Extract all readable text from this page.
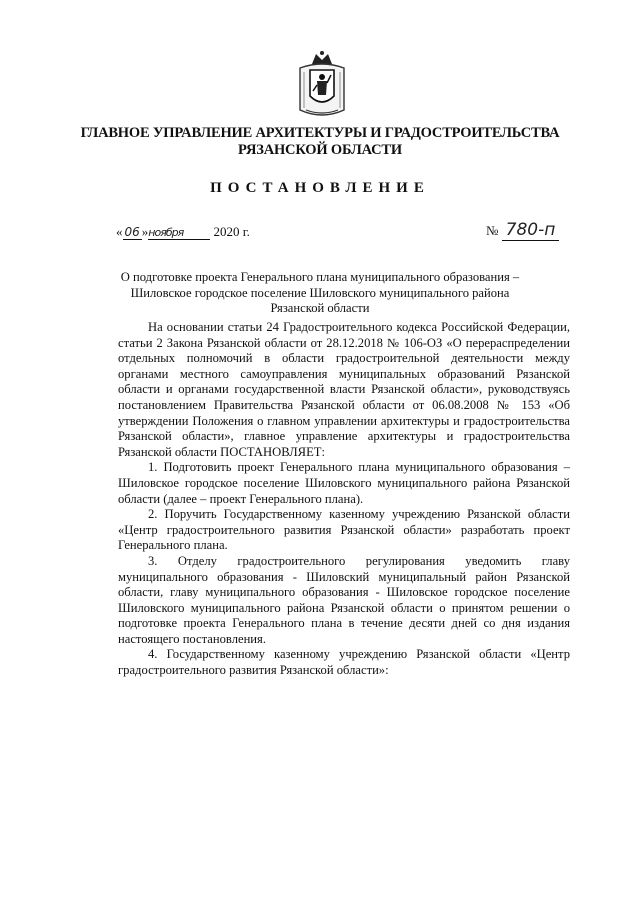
ГЛАВНОЕ УПРАВЛЕНИЕ АРХИТЕКТУРЫ И ГРАДОСТРОИТЕЛЬСТВА
РЯЗАНСКОЙ ОБЛАСТИ
ПОСТАНОВЛЕНИЕ
« 06 »ноября 2020 г.	№ 780-п
О подготовке проекта Генерального плана муниципального образования –
Шиловское городское поселение Шиловского муниципального района
Рязанской области

На основании статьи 24 Градостроительного кодекса Российской Федерации, статьи 2 Закона Рязанской области от 28.12.2018 № 106-ОЗ «О перераспределении отдельных полномочий в области градостроительной деятельности между органами местного самоуправления муниципальных образований Рязанской области и органами государственной власти Рязанской области», руководствуясь постановлением Правительства Рязанской области от 06.08.2008 № 153 «Об утверждении Положения о главном управлении архитектуры и градостроительства Рязанской области», главное управление архитектуры и градостроительства Рязанской области ПОСТАНОВЛЯЕТ:

1. Подготовить проект Генерального плана муниципального образования – Шиловское городское поселение Шиловского муниципального района Рязанской области (далее – проект Генерального плана).

2. Поручить Государственному казенному учреждению Рязанской области «Центр градостроительного развития Рязанской области» разработать проект Генерального плана.

3. Отделу градостроительного регулирования уведомить главу муниципального образования - Шиловский муниципальный район Рязанской области, главу муниципального образования - Шиловское городское поселение Шиловского муниципального района Рязанской области о принятом решении о подготовке проекта Генерального плана в течение десяти дней со дня издания настоящего постановления.

4. Государственному казенному учреждению Рязанской области «Центр градостроительного развития Рязанской области»:
